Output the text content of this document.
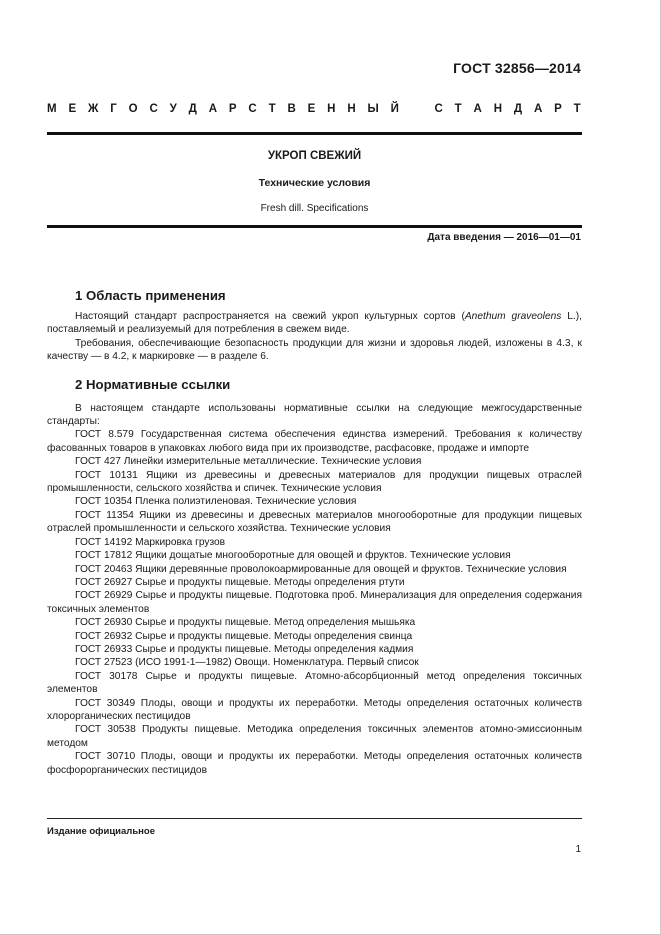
ГОСТ 32856—2014
М Е Ж Г О С У Д А Р С Т В Е Н Н Ы Й	С Т А Н Д А Р Т
УКРОП СВЕЖИЙ
Технические условия
Fresh dill. Specifications
Дата введения — 2016—01—01
1 Область применения

Настоящий стандарт распространяется на свежий укроп культурных сортов (Anethum graveolens L.), поставляемый и реализуемый для потребления в свежем виде.

Требования, обеспечивающие безопасность продукции для жизни и здоровья людей, изложены в 4.3, к качеству — в 4.2, к маркировке — в разделе 6.

2 Нормативные ссылки

В настоящем стандарте использованы нормативные ссылки на следующие межгосударственные стандарты:

ГОСТ 8.579 Государственная система обеспечения единства измерений. Требования к количеству фасованных товаров в упаковках любого вида при их производстве, расфасовке, продаже и импорте

ГОСТ 427 Линейки измерительные металлические. Технические условия

ГОСТ 10131 Ящики из древесины и древесных материалов для продукции пищевых отраслей промышленности, сельского хозяйства и спичек. Технические условия

ГОСТ 10354 Пленка полиэтиленовая. Технические условия

ГОСТ 11354 Ящики из древесины и древесных материалов многооборотные для продукции пищевых отраслей промышленности и сельского хозяйства. Технические условия

ГОСТ 14192 Маркировка грузов

ГОСТ 17812 Ящики дощатые многооборотные для овощей и фруктов. Технические условия

ГОСТ 20463 Ящики деревянные проволокоармированные для овощей и фруктов. Технические условия

ГОСТ 26927 Сырье и продукты пищевые. Методы определения ртути

ГОСТ 26929 Сырье и продукты пищевые. Подготовка проб. Минерализация для определения содержания токсичных элементов

ГОСТ 26930 Сырье и продукты пищевые. Метод определения мышьяка

ГОСТ 26932 Сырье и продукты пищевые. Методы определения свинца

ГОСТ 26933 Сырье и продукты пищевые. Методы определения кадмия

ГОСТ 27523 (ИСО 1991-1—1982) Овощи. Номенклатура. Первый список

ГОСТ 30178 Сырье и продукты пищевые. Атомно-абсорбционный метод определения токсичных элементов

ГОСТ 30349 Плоды, овощи и продукты их переработки. Методы определения остаточных количеств хлорорганических пестицидов

ГОСТ 30538 Продукты пищевые. Методика определения токсичных элементов атомно-эмиссионным методом

ГОСТ 30710 Плоды, овощи и продукты их переработки. Методы определения остаточных количеств фосфорорганических пестицидов

Издание официальное
1
